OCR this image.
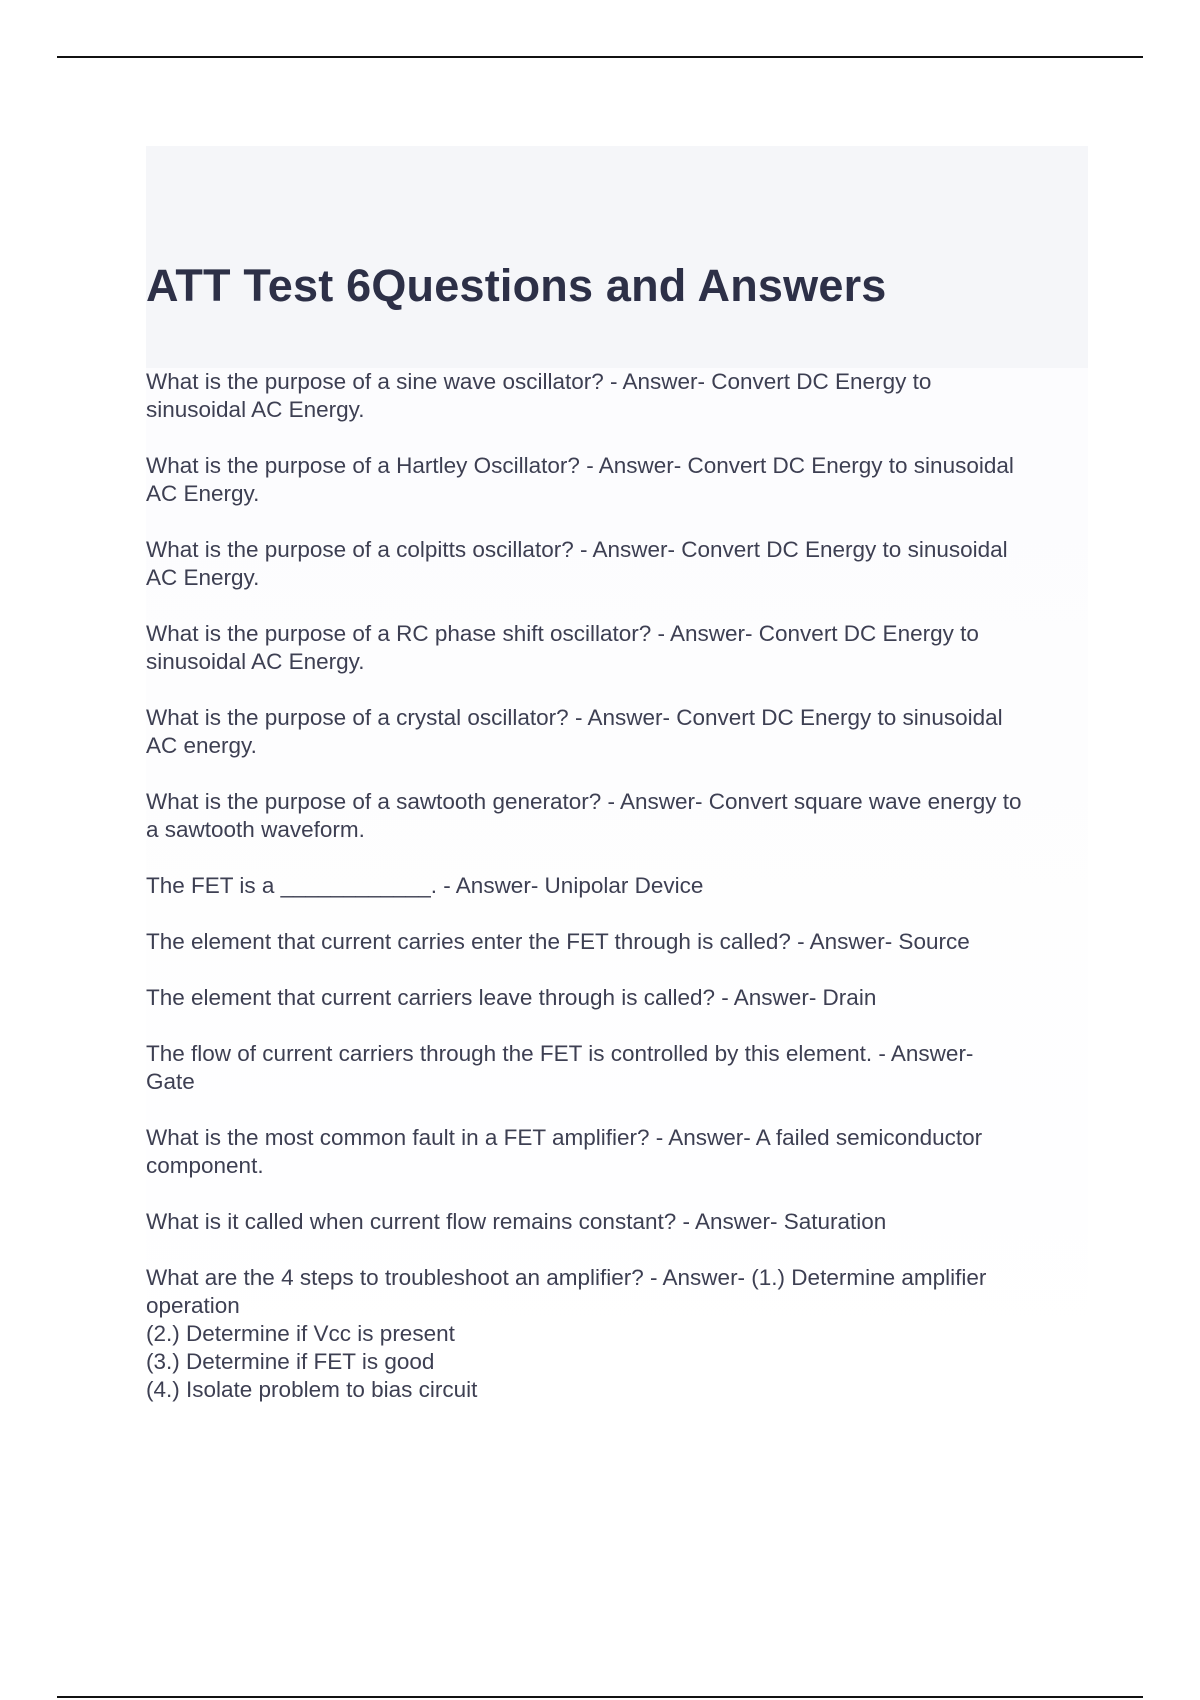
ATT Test 6Questions and Answers

What is the purpose of a sine wave oscillator? - Answer- Convert DC Energy to
sinusoidal AC Energy.

What is the purpose of a Hartley Oscillator? - Answer- Convert DC Energy to sinusoidal
AC Energy.

What is the purpose of a colpitts oscillator? - Answer- Convert DC Energy to sinusoidal
AC Energy.

What is the purpose of a RC phase shift oscillator? - Answer- Convert DC Energy to
sinusoidal AC Energy.

What is the purpose of a crystal oscillator? - Answer- Convert DC Energy to sinusoidal
AC energy.

What is the purpose of a sawtooth generator? - Answer- Convert square wave energy to
a sawtooth waveform.

The FET is a ____________. - Answer- Unipolar Device

The element that current carries enter the FET through is called? - Answer- Source

The element that current carriers leave through is called? - Answer- Drain

The flow of current carriers through the FET is controlled by this element. - Answer-
Gate

What is the most common fault in a FET amplifier? - Answer- A failed semiconductor
component.

What is it called when current flow remains constant? - Answer- Saturation

What are the 4 steps to troubleshoot an amplifier? - Answer- (1.) Determine amplifier
operation
(2.) Determine if Vcc is present
(3.) Determine if FET is good
(4.) Isolate problem to bias circuit
